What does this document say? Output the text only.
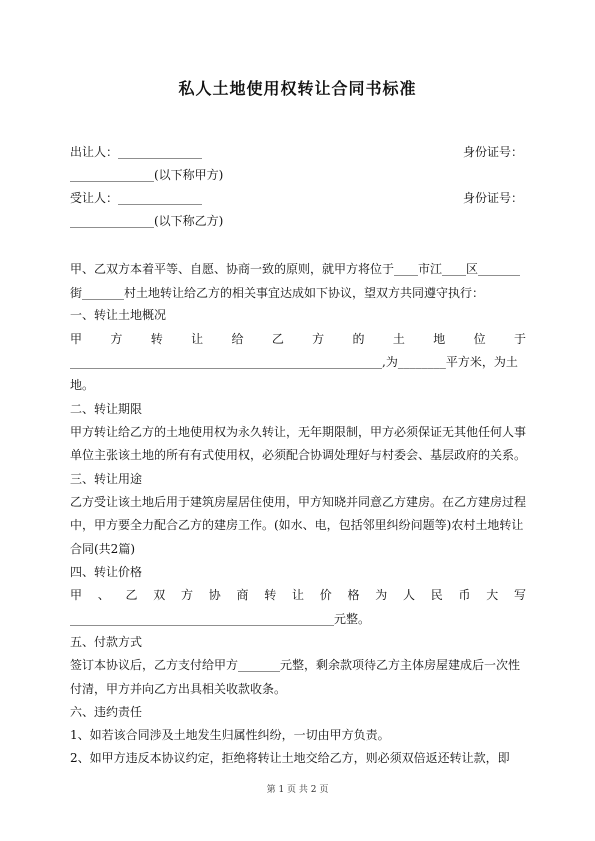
私人土地使用权转让合同书标准
出让人：______________	身份证号：
______________(以下称甲方)
受让人：______________	身份证号：
______________(以下称乙方)
甲、乙双方本着平等、自愿、协商一致的原则，就甲方将位于____市江____区_______
街_______村土地转让给乙方的相关事宜达成如下协议，望双方共同遵守执行：
一、转让土地概况
甲 方 转 让 给 乙 方 的 土 地 位 于
____________________________________________________,为________平方米，为土
地。
二、转让期限
甲方转让给乙方的土地使用权为永久转让，无年期限制，甲方必须保证无其他任何人事
单位主张该土地的所有有式使用权，必须配合协调处理好与村委会、基层政府的关系。
三、转让用途
乙方受让该土地后用于建筑房屋居住使用，甲方知晓并同意乙方建房。在乙方建房过程
中，甲方要全力配合乙方的建房工作。(如水、电，包括邻里纠纷问题等)农村土地转让
合同(共2篇)
四、转让价格
甲 、 乙 双 方 协 商 转 让 价 格 为 人 民 币 大 写
____________________________________________元整。
五、付款方式
签订本协议后，乙方支付给甲方_______元整，剩余款项待乙方主体房屋建成后一次性
付清，甲方并向乙方出具相关收款收条。
六、违约责任
1、如若该合同涉及土地发生归属性纠纷，一切由甲方负责。
2、如甲方违反本协议约定，拒绝将转让土地交给乙方，则必须双倍返还转让款，即
第 1 页 共 2 页
